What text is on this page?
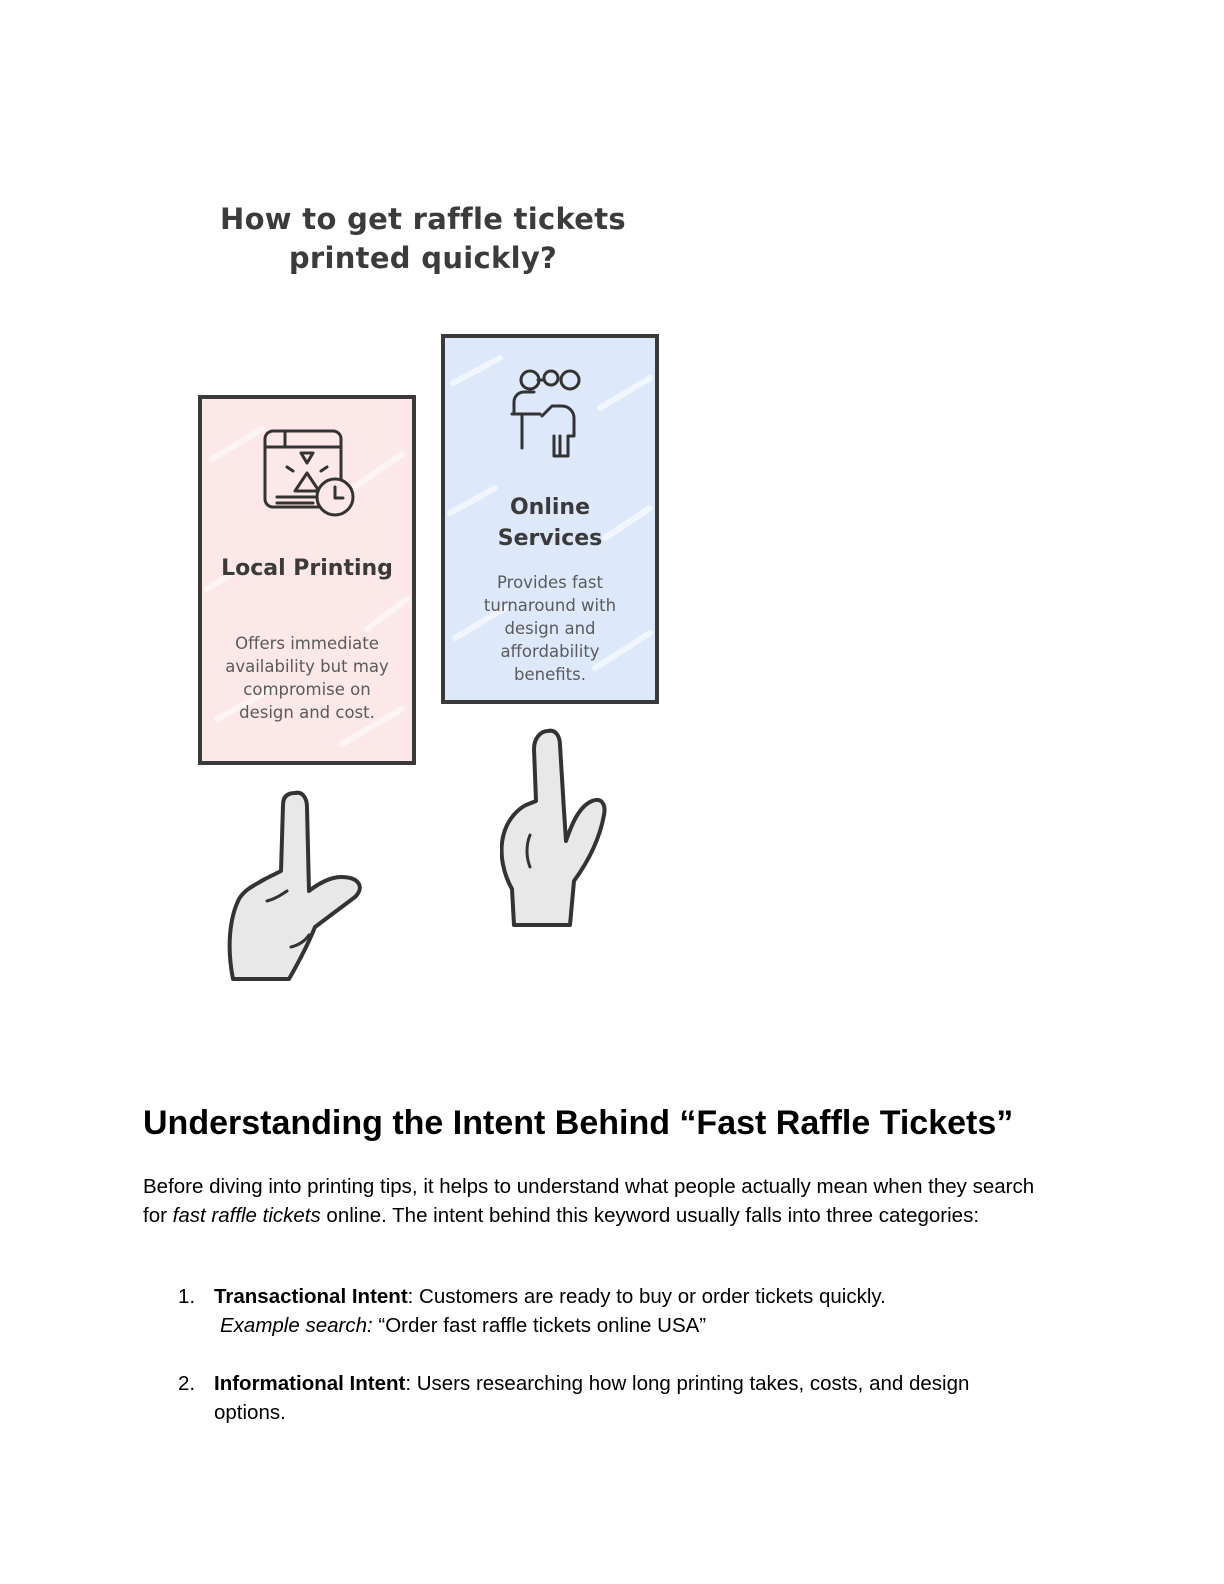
How to get raffle tickets printed quickly?
Local Printing
Offers immediate availability but may compromise on design and cost.
Online Services
Provides fast turnaround with design and affordability benefits.
Understanding the Intent Behind “Fast Raffle Tickets”

Before diving into printing tips, it helps to understand what people actually mean when they search for fast raffle tickets online. The intent behind this keyword usually falls into three categories:

1. Transactional Intent: Customers are ready to buy or order tickets quickly.
Example search: “Order fast raffle tickets online USA”
2. Informational Intent: Users researching how long printing takes, costs, and design options.
